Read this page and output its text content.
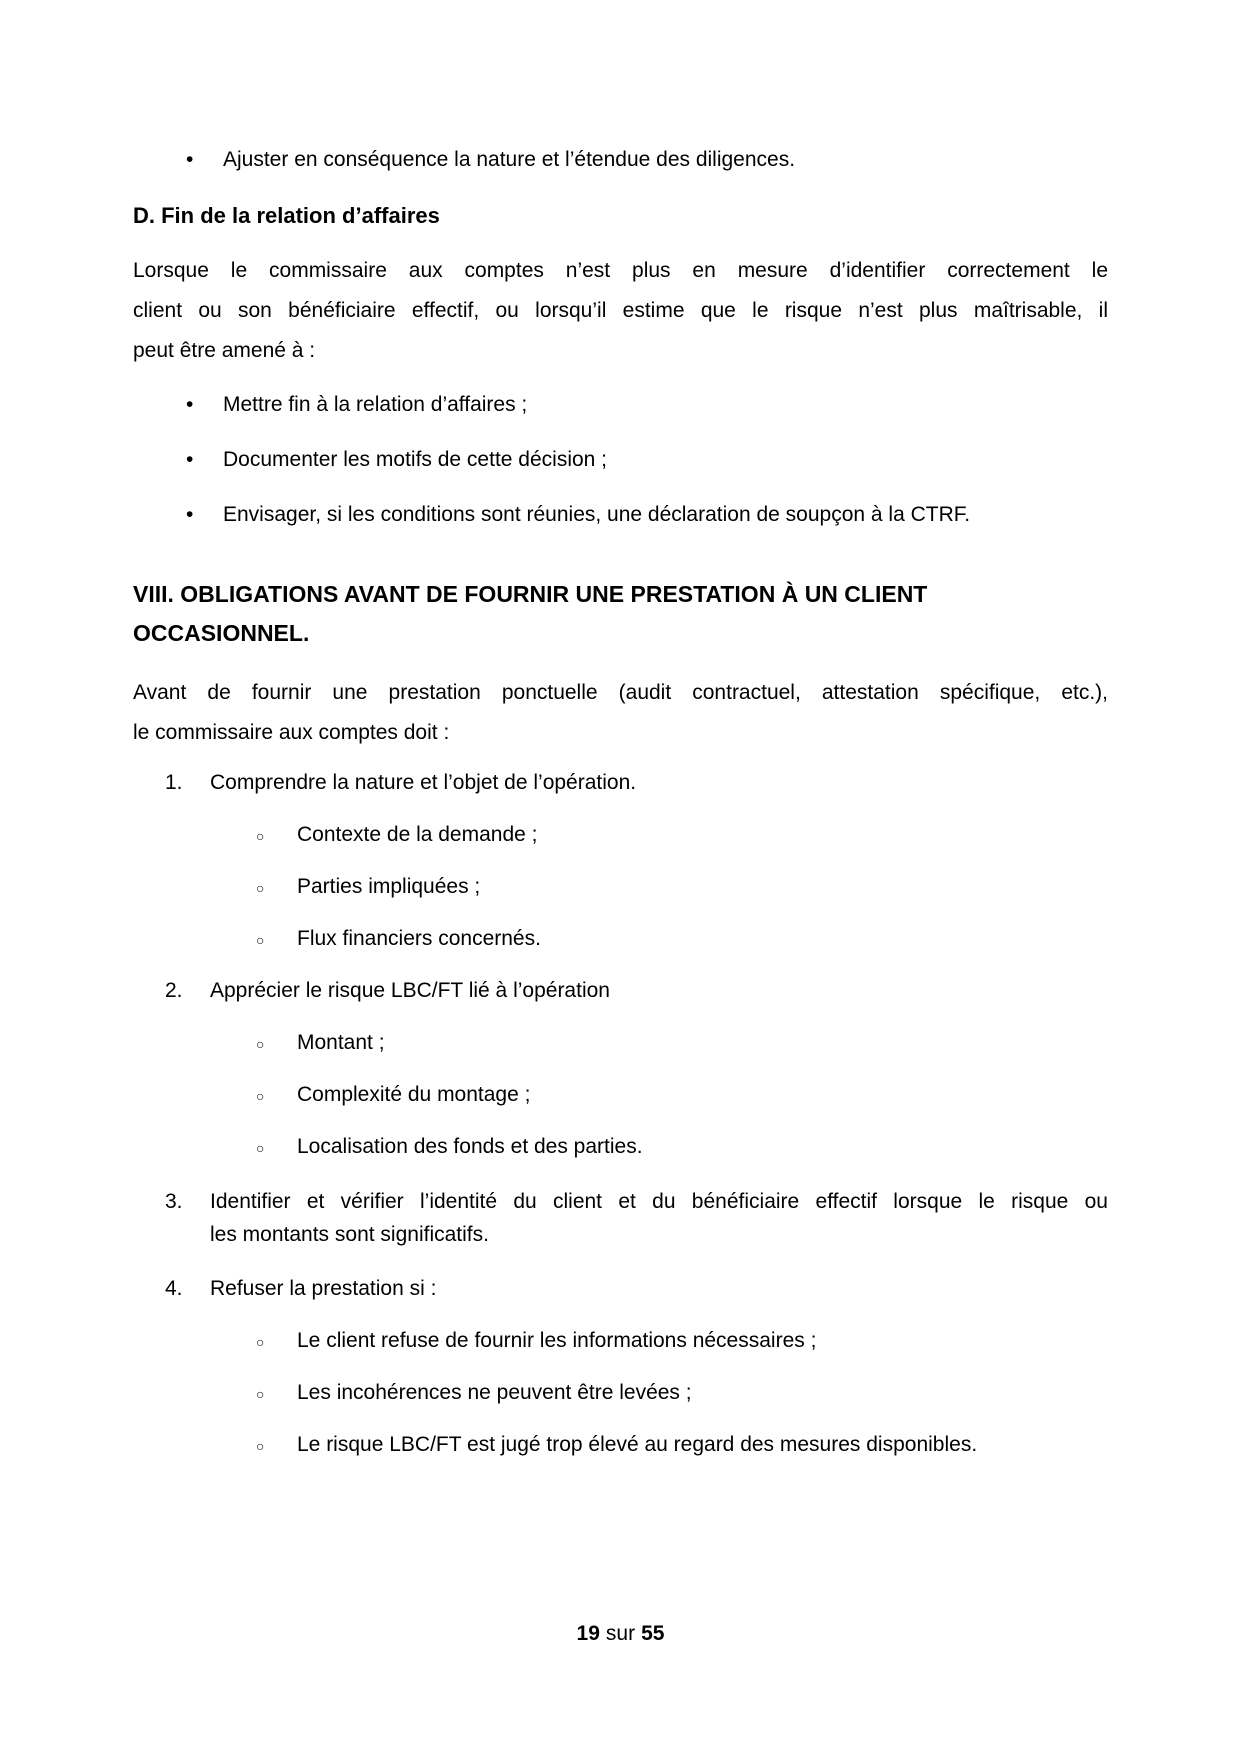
•
Ajuster en conséquence la nature et l’étendue des diligences.
D. Fin de la relation d’affaires
Lorsque le commissaire aux comptes n’est plus en mesure d’identifier correctement le
client ou son bénéficiaire effectif, ou lorsqu’il estime que le risque n’est plus maîtrisable, il
peut être amené à :
•
Mettre fin à la relation d’affaires ;
•
Documenter les motifs de cette décision ;
•
Envisager, si les conditions sont réunies, une déclaration de soupçon à la CTRF.
VIII. OBLIGATIONS AVANT DE FOURNIR UNE PRESTATION À UN CLIENT
OCCASIONNEL.
Avant de fournir une prestation ponctuelle (audit contractuel, attestation spécifique, etc.),
le commissaire aux comptes doit :
1. Comprendre la nature et l’objet de l’opération.
○
Contexte de la demande ;
○
Parties impliquées ;
○
Flux financiers concernés.
2. Apprécier le risque LBC/FT lié à l’opération
○
Montant ;
○
Complexité du montage ;
○
Localisation des fonds et des parties.
3. Identifier et vérifier l’identité du client et du bénéficiaire effectif lorsque le risque ou
les montants sont significatifs.
4. Refuser la prestation si :
○
Le client refuse de fournir les informations nécessaires ;
○
Les incohérences ne peuvent être levées ;
○
Le risque LBC/FT est jugé trop élevé au regard des mesures disponibles.
19 sur 55
